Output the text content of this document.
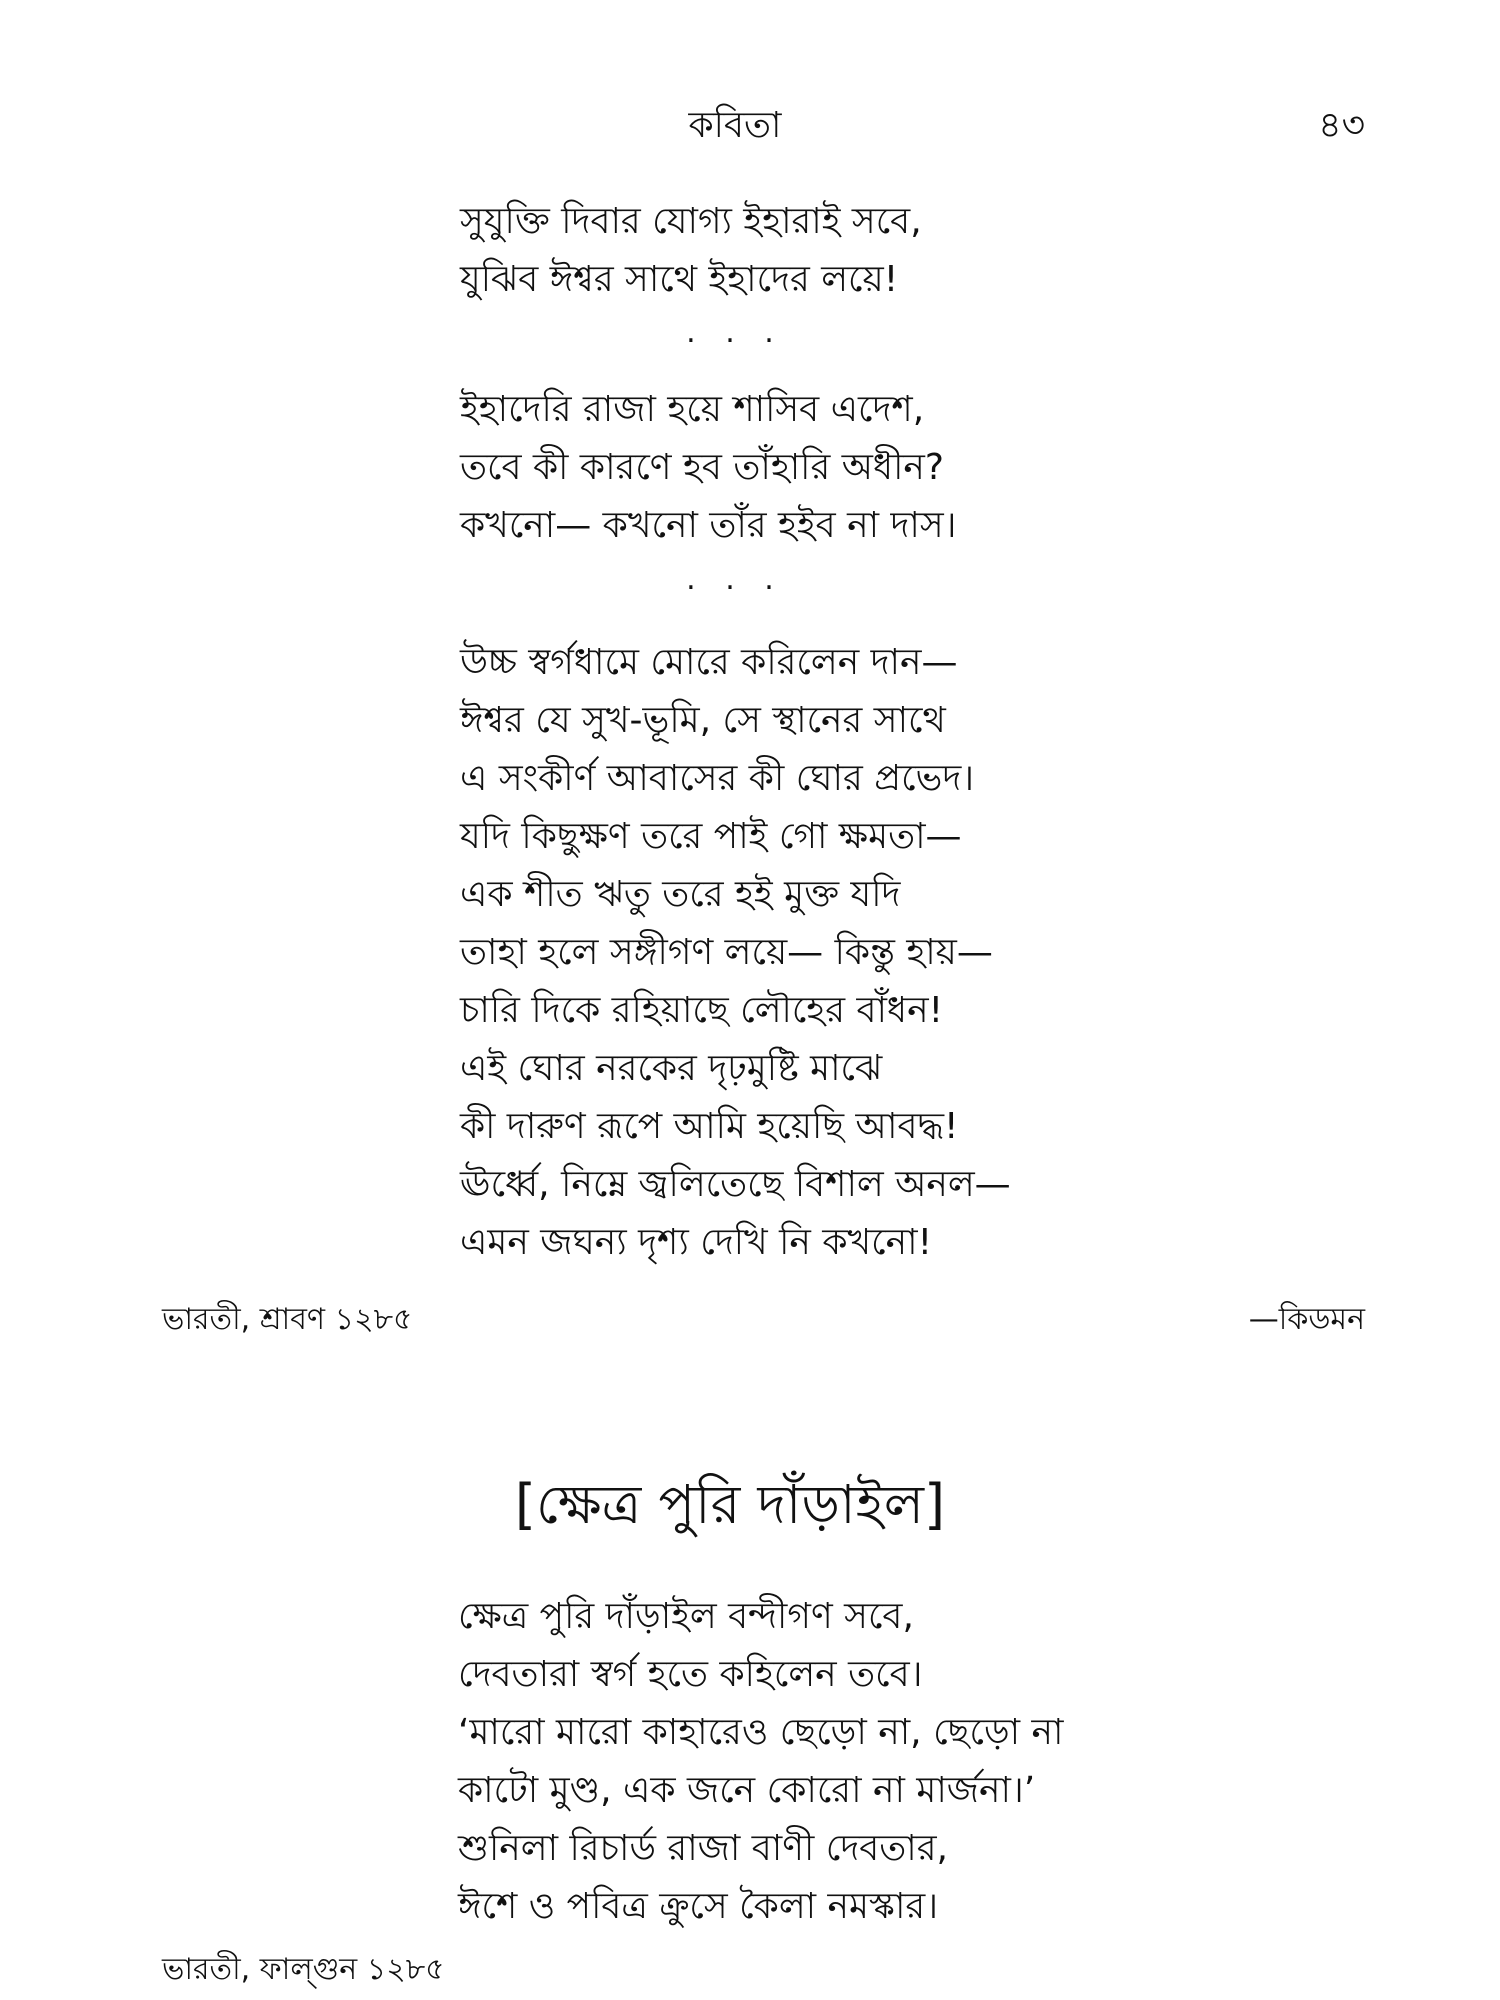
কবিতা	৪৩
সুযুক্তি দিবার যোগ্য ইহারাই সবে,
যুঝিব ঈশ্বর সাথে ইহাদের লয়ে!
. . .
ইহাদেরি রাজা হয়ে শাসিব এদেশ,
তবে কী কারণে হব তাঁহারি অধীন?
কখনো— কখনো তাঁর হইব না দাস।
. . .
উচ্চ স্বর্গধামে মোরে করিলেন দান—
ঈশ্বর যে সুখ-ভূমি, সে স্থানের সাথে
এ সংকীর্ণ আবাসের কী ঘোর প্রভেদ।
যদি কিছুক্ষণ তরে পাই গো ক্ষমতা—
এক শীত ঋতু তরে হই মুক্ত যদি
তাহা হলে সঙ্গীগণ লয়ে— কিন্তু হায়—
চারি দিকে রহিয়াছে লৌহের বাঁধন!
এই ঘোর নরকের দৃঢ়মুষ্টি মাঝে
কী দারুণ রূপে আমি হয়েছি আবদ্ধ!
ঊর্ধ্বে, নিম্নে জ্বলিতেছে বিশাল অনল—
এমন জঘন্য দৃশ্য দেখি নি কখনো!
ভারতী, শ্রাবণ ১২৮৫	—কিডমন
[ক্ষেত্র পুরি দাঁড়াইল]
ক্ষেত্র পুরি দাঁড়াইল বন্দীগণ সবে,
দেবতারা স্বর্গ হতে কহিলেন তবে।
‘মারো মারো কাহারেও ছেড়ো না, ছেড়ো না
কাটো মুণ্ড, এক জনে কোরো না মার্জনা।’
শুনিলা রিচার্ড রাজা বাণী দেবতার,
ঈশে ও পবিত্র ক্রুসে কৈলা নমস্কার।
ভারতী, ফাল্গুন ১২৮৫
